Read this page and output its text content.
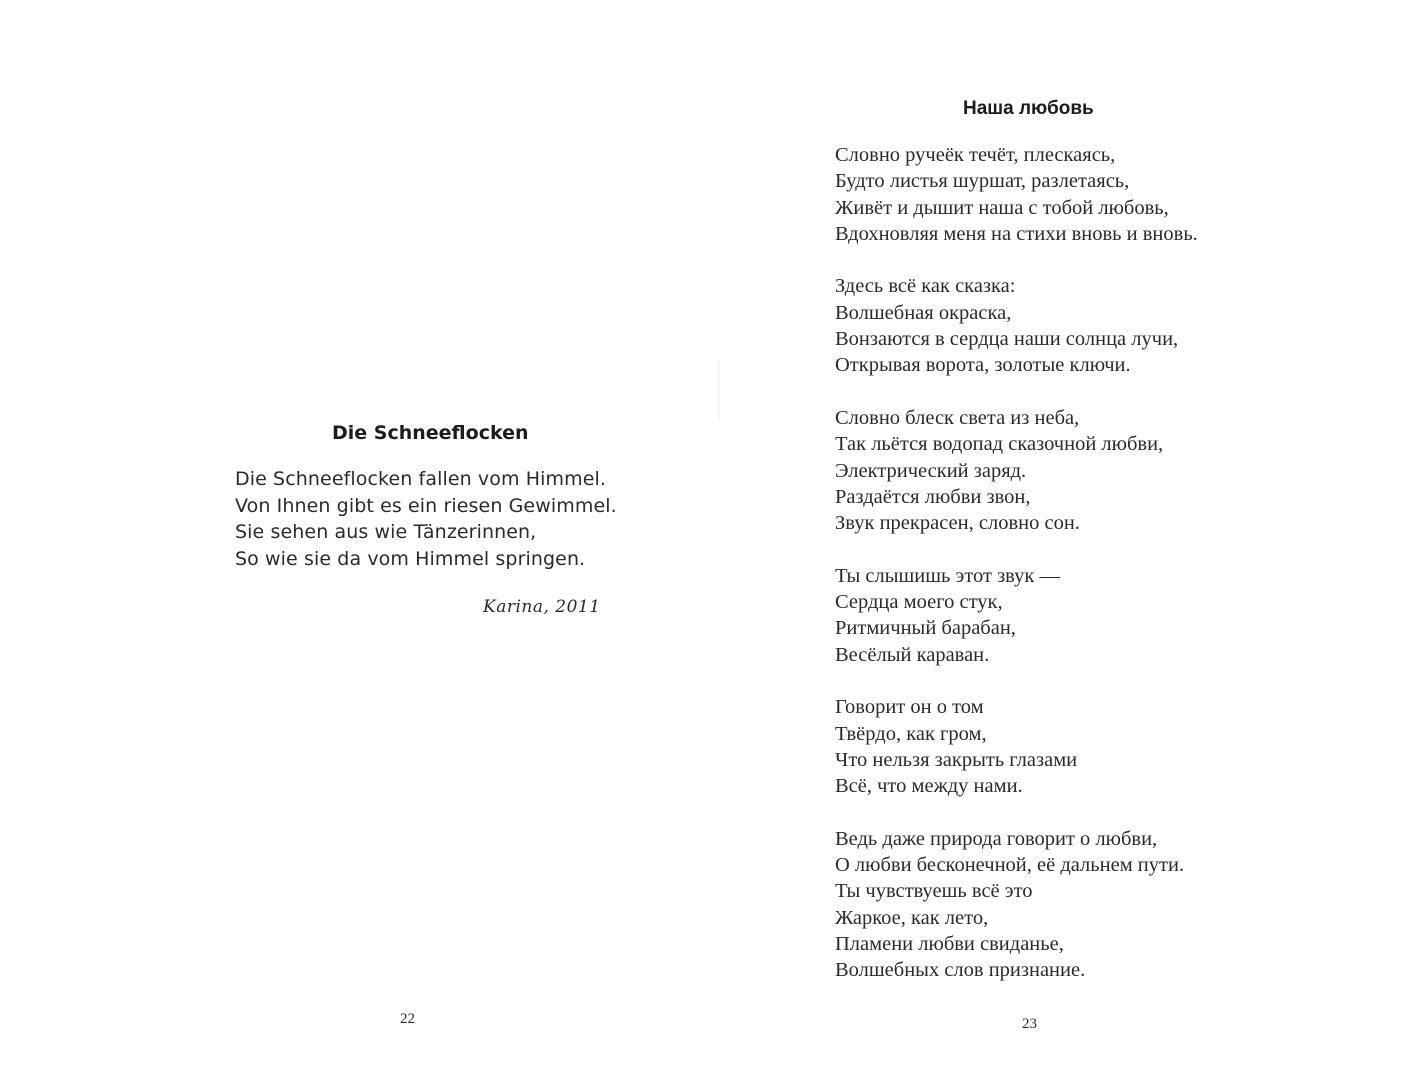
Die Schneeflocken
Die Schneeflocken fallen vom Himmel.
Von Ihnen gibt es ein riesen Gewimmel.
Sie sehen aus wie Tänzerinnen,
So wie sie da vom Himmel springen.
Karina, 2011
22
Наша любовь
Словно ручеёк течёт, плескаясь,
Будто листья шуршат, разлетаясь,
Живёт и дышит наша с тобой любовь,
Вдохновляя меня на стихи вновь и вновь.
Здесь всё как сказка:
Волшебная окраска,
Вонзаются в сердца наши солнца лучи,
Открывая ворота, золотые ключи.
Словно блеск света из неба,
Так льётся водопад сказочной любви,
Электрический заряд.
Раздаётся любви звон,
Звук прекрасен, словно сон.
Ты слышишь этот звук —
Сердца моего стук,
Ритмичный барабан,
Весёлый караван.
Говорит он о том
Твёрдо, как гром,
Что нельзя закрыть глазами
Всё, что между нами.
Ведь даже природа говорит о любви,
О любви бесконечной, её дальнем пути.
Ты чувствуешь всё это
Жаркое, как лето,
Пламени любви свиданье,
Волшебных слов признание.
23
